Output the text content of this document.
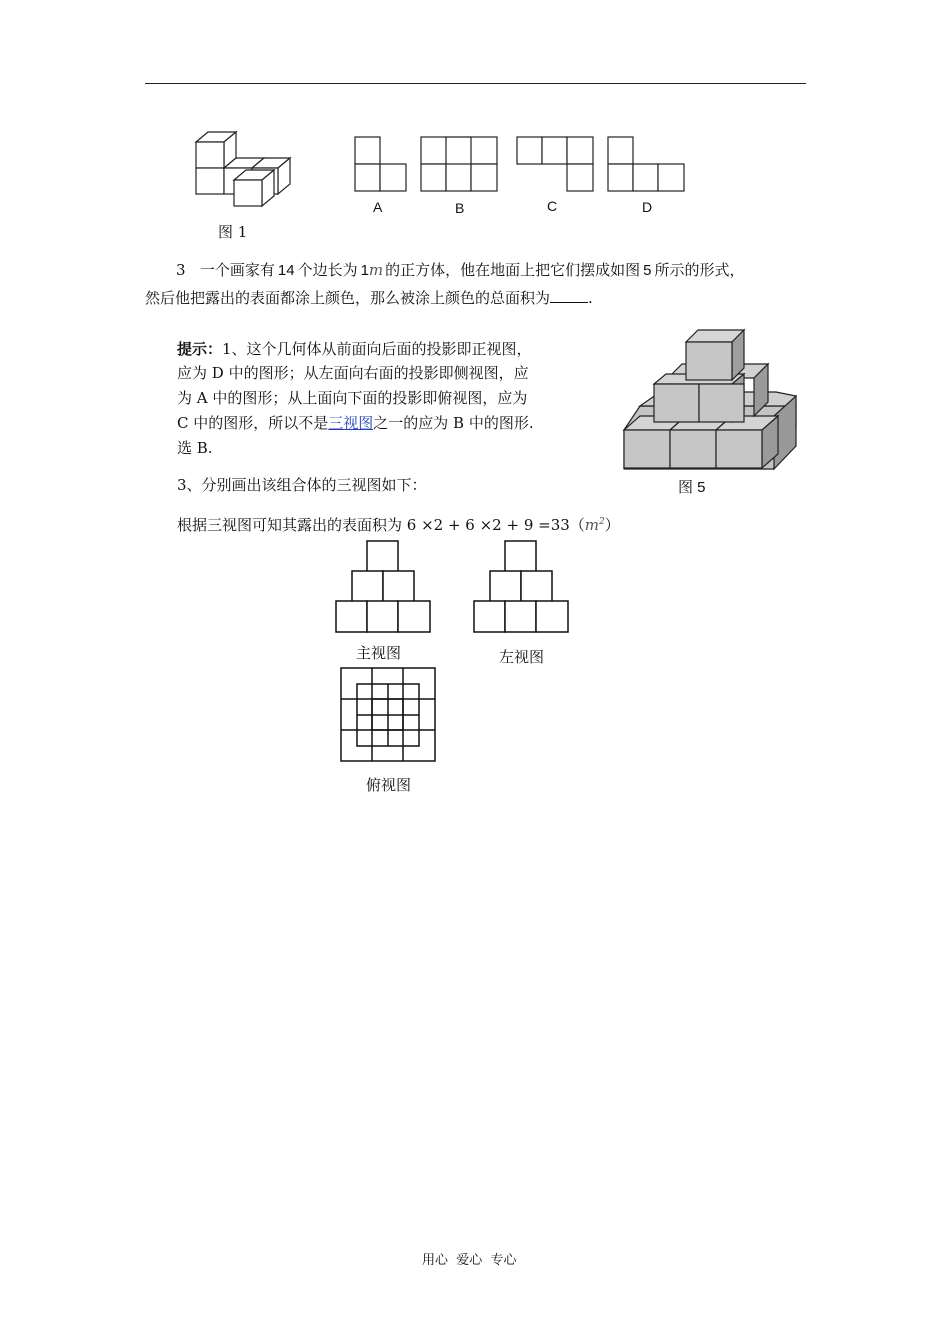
A	B	C	D
图 1
3 一个画家有 14 个边长为 1m 的正方体，他在地面上把它们摆成如图 5 所示的形式，
然后他把露出的表面都涂上颜色，那么被涂上颜色的总面积为	.
提示：1、这个几何体从前面向后面的投影即正视图，
应为 D 中的图形；从左面向右面的投影即侧视图，应
为 A 中的图形；从上面向下面的投影即俯视图，应为
C 中的图形，所以不是三视图之一的应为 B 中的图形.
选 B.
图 5
3、分别画出该组合体的三视图如下：
根据三视图可知其露出的表面积为 $6 \times 2 + 6 \times 2 + 9 =33(m^2)$
主视图	左视图
俯视图
用心  爱心  专心
